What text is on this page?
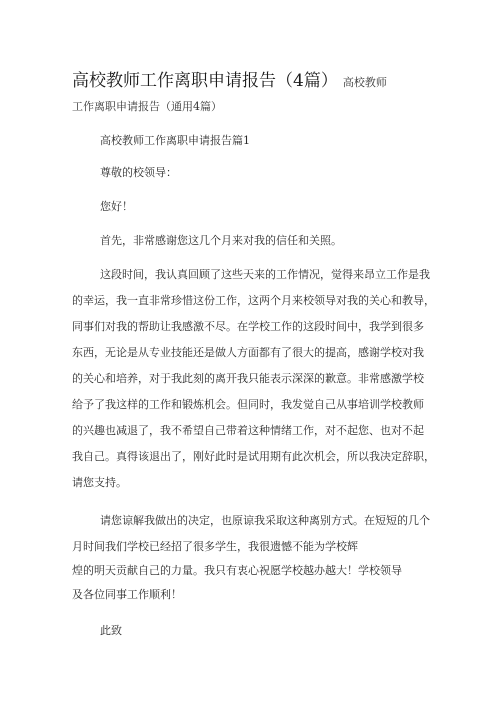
高校教师工作离职申请报告（4篇） 高校教师
工作离职申请报告（通用4篇）
高校教师工作离职申请报告篇1
尊敬的校领导：
您好！
首先，非常感谢您这几个月来对我的信任和关照。
这段时间，我认真回顾了这些天来的工作情况，觉得来昂立工作是我
的幸运，我一直非常珍惜这份工作，这两个月来校领导对我的关心和教导，
同事们对我的帮助让我感激不尽。在学校工作的这段时间中，我学到很多
东西，无论是从专业技能还是做人方面都有了很大的提高，感谢学校对我
的关心和培养，对于我此刻的离开我只能表示深深的歉意。非常感激学校
给予了我这样的工作和锻炼机会。但同时，我发觉自己从事培训学校教师
的兴趣也减退了，我不希望自己带着这种情绪工作，对不起您、也对不起
我自己。真得该退出了，刚好此时是试用期有此次机会，所以我决定辞职，
请您支持。
请您谅解我做出的决定，也原谅我采取这种离别方式。在短短的几个
月时间我们学校已经招了很多学生，我很遗憾不能为学校辉
煌的明天贡献自己的力量。我只有衷心祝愿学校越办越大！学校领导
及各位同事工作顺利！
此致
